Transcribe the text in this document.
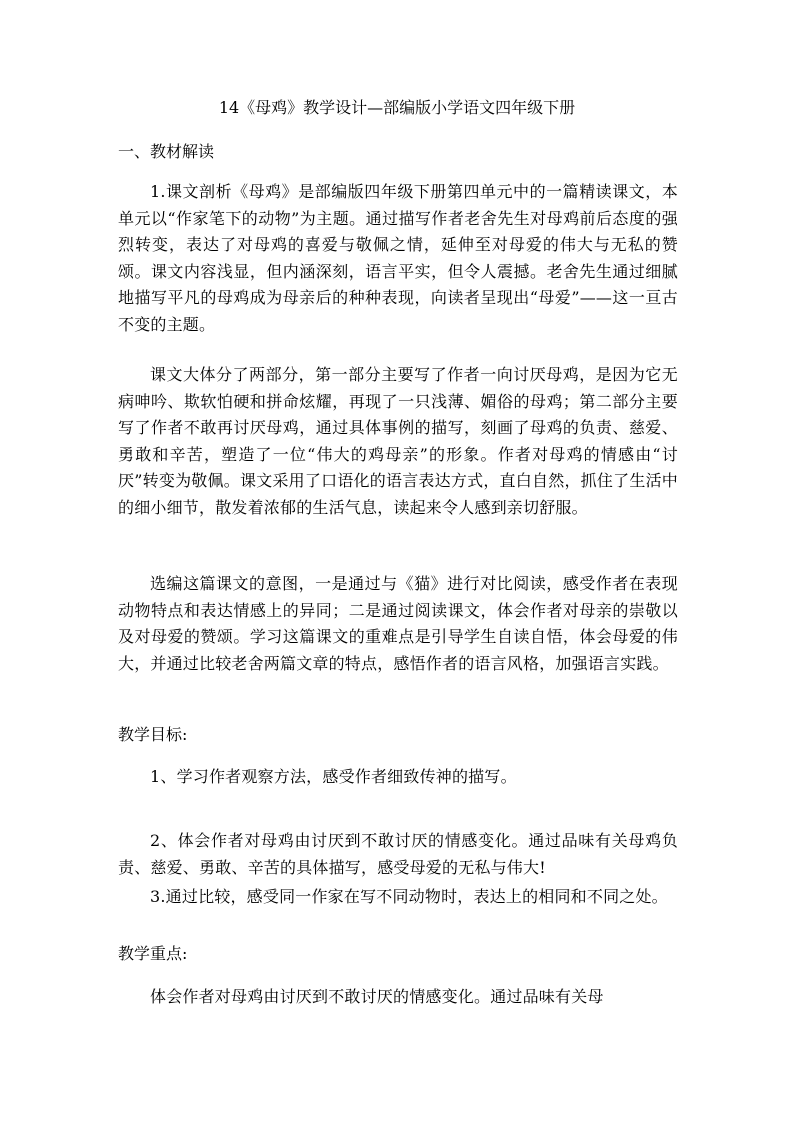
14《母鸡》教学设计—部编版小学语文四年级下册
一、教材解读
1.课文剖析《母鸡》是部编版四年级下册第四单元中的一篇精读课文，本单元以“作家笔下的动物”为主题。通过描写作者老舍先生对母鸡前后态度的强烈转变，表达了对母鸡的喜爱与敬佩之情，延伸至对母爱的伟大与无私的赞颂。课文内容浅显，但内涵深刻，语言平实，但令人震撼。老舍先生通过细腻地描写平凡的母鸡成为母亲后的种种表现，向读者呈现出“母爱”——这一亘古不变的主题。
课文大体分了两部分，第一部分主要写了作者一向讨厌母鸡，是因为它无病呻吟、欺软怕硬和拼命炫耀，再现了一只浅薄、媚俗的母鸡；第二部分主要写了作者不敢再讨厌母鸡，通过具体事例的描写，刻画了母鸡的负责、慈爱、勇敢和辛苦，塑造了一位“伟大的鸡母亲”的形象。作者对母鸡的情感由“讨厌”转变为敬佩。课文采用了口语化的语言表达方式，直白自然，抓住了生活中的细小细节，散发着浓郁的生活气息，读起来令人感到亲切舒服。
选编这篇课文的意图，一是通过与《猫》进行对比阅读，感受作者在表现动物特点和表达情感上的异同；二是通过阅读课文，体会作者对母亲的崇敬以及对母爱的赞颂。学习这篇课文的重难点是引导学生自读自悟，体会母爱的伟大，并通过比较老舍两篇文章的特点，感悟作者的语言风格，加强语言实践。
教学目标:
1、学习作者观察方法，感受作者细致传神的描写。
2、体会作者对母鸡由讨厌到不敢讨厌的情感变化。通过品味有关母鸡负责、慈爱、勇敢、辛苦的具体描写，感受母爱的无私与伟大!
3.通过比较，感受同一作家在写不同动物时，表达上的相同和不同之处。
教学重点:
体会作者对母鸡由讨厌到不敢讨厌的情感变化。通过品味有关母
